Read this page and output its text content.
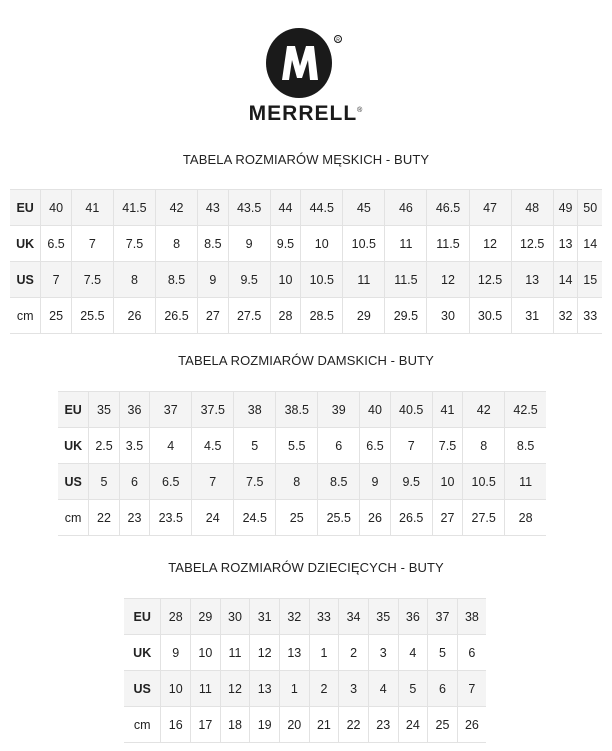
R
MERRELL®
TABELA ROZMIARÓW MĘSKICH - BUTY
EU	40	41	41.5	42	43	43.5	44	44.5	45	46	46.5	47	48	49	50
UK	6.5	7	7.5	8	8.5	9	9.5	10	10.5	11	11.5	12	12.5	13	14
US	7	7.5	8	8.5	9	9.5	10	10.5	11	11.5	12	12.5	13	14	15
cm	25	25.5	26	26.5	27	27.5	28	28.5	29	29.5	30	30.5	31	32	33
TABELA ROZMIARÓW DAMSKICH - BUTY
EU	35	36	37	37.5	38	38.5	39	40	40.5	41	42	42.5
UK	2.5	3.5	4	4.5	5	5.5	6	6.5	7	7.5	8	8.5
US	5	6	6.5	7	7.5	8	8.5	9	9.5	10	10.5	11
cm	22	23	23.5	24	24.5	25	25.5	26	26.5	27	27.5	28
TABELA ROZMIARÓW DZIECIĘCYCH - BUTY
EU	28	29	30	31	32	33	34	35	36	37	38
UK	9	10	11	12	13	1	2	3	4	5	6
US	10	11	12	13	1	2	3	4	5	6	7
cm	16	17	18	19	20	21	22	23	24	25	26
